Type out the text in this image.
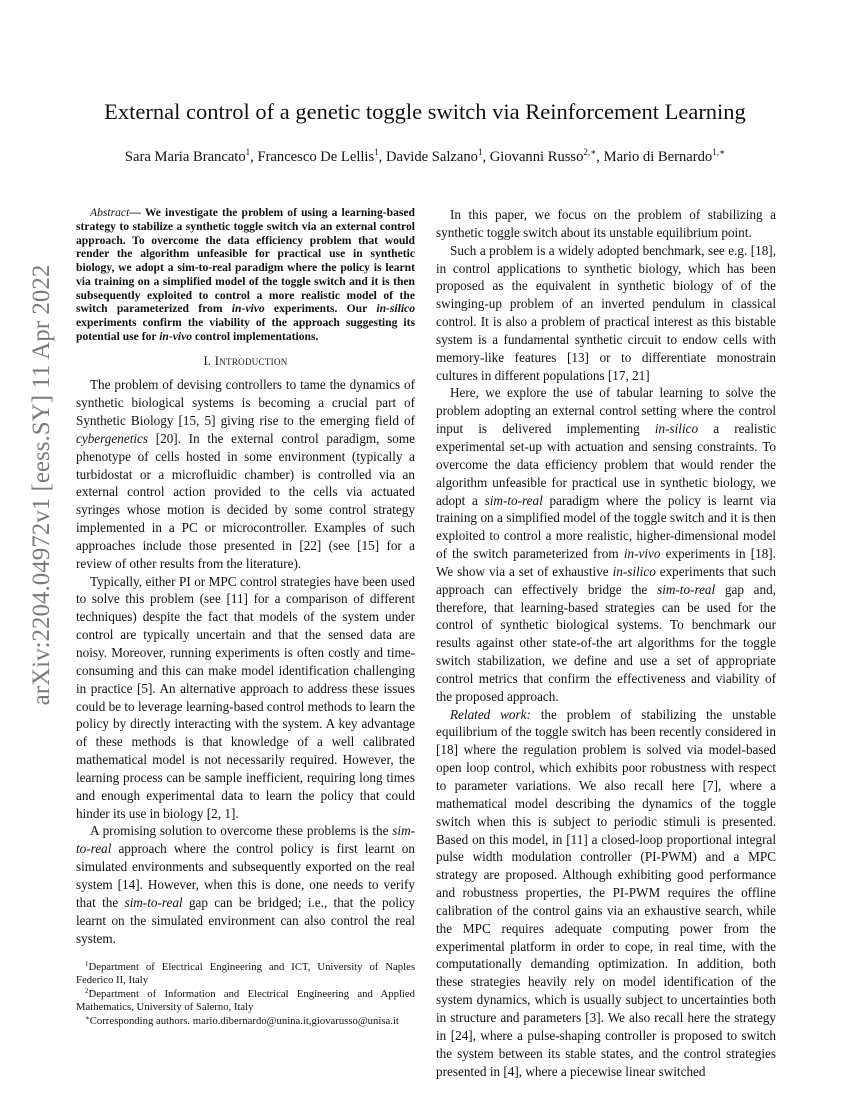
arXiv:2204.04972v1 [eess.SY] 11 Apr 2022
External control of a genetic toggle switch via Reinforcement Learning
Sara Maria Brancato$^1$, Francesco De Lellis$^1$, Davide Salzano$^1$, Giovanni Russo$^{2,∗}$, Mario di Bernardo$^{1,∗}$

Abstract— We investigate the problem of using a learning-based strategy to stabilize a synthetic toggle switch via an external control approach. To overcome the data efficiency problem that would render the algorithm unfeasible for practical use in synthetic biology, we adopt a sim-to-real paradigm where the policy is learnt via training on a simplified model of the toggle switch and it is then subsequently exploited to control a more realistic model of the switch parameterized from in-vivo experiments. Our in-silico experiments confirm the viability of the approach suggesting its potential use for in-vivo control implementations.

I. Introduction

The problem of devising controllers to tame the dynamics of synthetic biological systems is becoming a crucial part of Synthetic Biology [15, 5] giving rise to the emerging field of cybergenetics [20]. In the external control paradigm, some phenotype of cells hosted in some environment (typically a turbidostat or a microfluidic chamber) is controlled via an external control action provided to the cells via actuated syringes whose motion is decided by some control strategy implemented in a PC or microcontroller. Examples of such approaches include those presented in [22] (see [15] for a review of other results from the literature).

Typically, either PI or MPC control strategies have been used to solve this problem (see [11] for a comparison of different techniques) despite the fact that models of the system under control are typically uncertain and that the sensed data are noisy. Moreover, running experiments is often costly and time-consuming and this can make model identification challenging in practice [5]. An alternative approach to address these issues could be to leverage learning-based control methods to learn the policy by directly interacting with the system. A key advantage of these methods is that knowledge of a well calibrated mathematical model is not necessarily required. However, the learning process can be sample inefficient, requiring long times and enough experimental data to learn the policy that could hinder its use in biology [2, 1].

A promising solution to overcome these problems is the sim-to-real approach where the control policy is first learnt on simulated environments and subsequently exported on the real system [14]. However, when this is done, one needs to verify that the sim-to-real gap can be bridged; i.e., that the policy learnt on the simulated environment can also control the real system.

$^1$Department of Electrical Engineering and ICT, University of Naples Federico II, Italy

$^2$Department of Information and Electrical Engineering and Applied Mathematics, University of Salerno, Italy

∗Corresponding authors. mario.dibernardo@unina.it,giovarusso@unisa.it

In this paper, we focus on the problem of stabilizing a synthetic toggle switch about its unstable equilibrium point.

Such a problem is a widely adopted benchmark, see e.g. [18], in control applications to synthetic biology, which has been proposed as the equivalent in synthetic biology of of the swinging-up problem of an inverted pendulum in classical control. It is also a problem of practical interest as this bistable system is a fundamental synthetic circuit to endow cells with memory-like features [13] or to differentiate monostrain cultures in different populations [17, 21]

Here, we explore the use of tabular learning to solve the problem adopting an external control setting where the control input is delivered implementing in-silico a realistic experimental set-up with actuation and sensing constraints. To overcome the data efficiency problem that would render the algorithm unfeasible for practical use in synthetic biology, we adopt a sim-to-real paradigm where the policy is learnt via training on a simplified model of the toggle switch and it is then exploited to control a more realistic, higher-dimensional model of the switch parameterized from in-vivo experiments in [18]. We show via a set of exhaustive in-silico experiments that such approach can effectively bridge the sim-to-real gap and, therefore, that learning-based strategies can be used for the control of synthetic biological systems. To benchmark our results against other state-of-the art algorithms for the toggle switch stabilization, we define and use a set of appropriate control metrics that confirm the effectiveness and viability of the proposed approach.

Related work: the problem of stabilizing the unstable equilibrium of the toggle switch has been recently considered in [18] where the regulation problem is solved via model-based open loop control, which exhibits poor robustness with respect to parameter variations. We also recall here [7], where a mathematical model describing the dynamics of the toggle switch when this is subject to periodic stimuli is presented. Based on this model, in [11] a closed-loop proportional integral pulse width modulation controller (PI-PWM) and a MPC strategy are proposed. Although exhibiting good performance and robustness properties, the PI-PWM requires the offline calibration of the control gains via an exhaustive search, while the MPC requires adequate computing power from the experimental platform in order to cope, in real time, with the computationally demanding optimization. In addition, both these strategies heavily rely on model identification of the system dynamics, which is usually subject to uncertainties both in structure and parameters [3]. We also recall here the strategy in [24], where a pulse-shaping controller is proposed to switch the system between its stable states, and the control strategies presented in [4], where a piecewise linear switched
